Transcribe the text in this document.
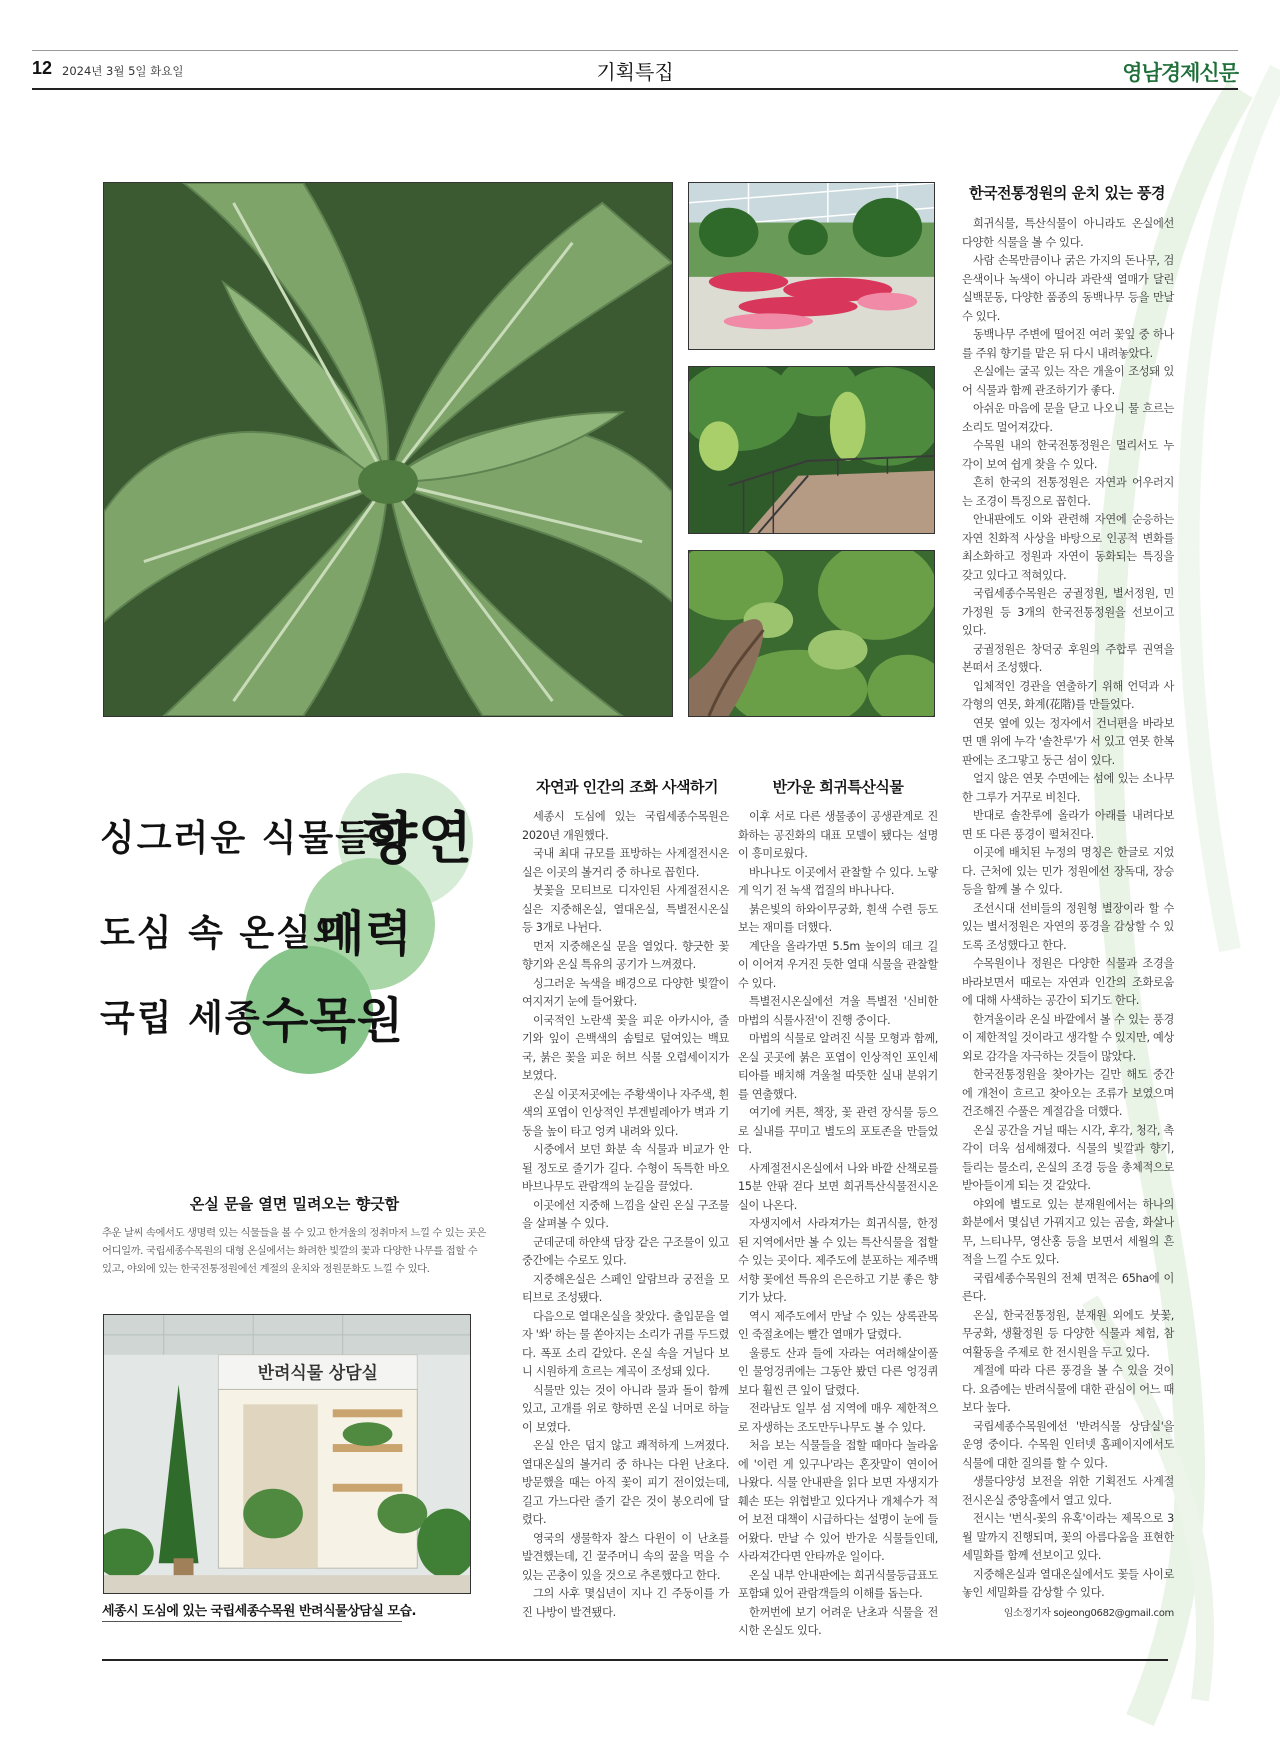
12 2024년 3월 5일 화요일	기획특집	영남경제신문
싱그러운 식물들의
향연
도심 속 온실의
매력
국립 세종 수목원
온실 문을 열면 밀려오는 향긋함
추운 날씨 속에서도 생명력 있는 식물들을 볼 수 있고 한겨울의 정취마저 느낄 수 있는 곳은 어디일까. 국립세종수목원의 대형 온실에서는 화려한 빛깔의 꽃과 다양한 나무를 접할 수 있고, 야외에 있는 한국전통정원에선 계절의 운치와 정원문화도 느낄 수 있다.
반려식물 상담실
세종시 도심에 있는 국립세종수목원 반려식물상담실 모습.
자연과 인간의 조화 사색하기

세종시 도심에 있는 국립세종수목원은 2020년 개원했다.

국내 최대 규모를 표방하는 사계절전시온실은 이곳의 볼거리 중 하나로 꼽힌다.

붓꽃을 모티브로 디자인된 사계절전시온실은 지중해온실, 열대온실, 특별전시온실 등 3개로 나뉜다.

먼저 지중해온실 문을 열었다. 향긋한 꽃향기와 온실 특유의 공기가 느껴졌다.

싱그러운 녹색을 배경으로 다양한 빛깔이 여지저기 눈에 들어왔다.

이국적인 노란색 꽃을 피운 아카시아, 줄기와 잎이 은백색의 솜털로 덮여있는 백묘국, 붉은 꽃을 피운 허브 식물 오렴세이지가 보였다.

온실 이곳저곳에는 주황색이나 자주색, 흰색의 포엽이 인상적인 부겐빌레아가 벽과 기둥을 높이 타고 엉켜 내려와 있다.

시중에서 보던 화분 속 식물과 비교가 안 될 정도로 줄기가 길다. 수형이 독특한 바오바브나무도 관람객의 눈길을 끌었다.

이곳에선 지중해 느낌을 살린 온실 구조물을 살펴볼 수 있다.

군데군데 하얀색 담장 같은 구조물이 있고 중간에는 수로도 있다.

지중해온실은 스페인 알람브라 궁전을 모티브로 조성됐다.

다음으로 열대온실을 찾았다. 출입문을 열자 '쏴' 하는 물 쏟아지는 소리가 귀를 두드렸다. 폭포 소리 같았다. 온실 속을 거닐다 보니 시원하게 흐르는 계곡이 조성돼 있다.

식물만 있는 것이 아니라 물과 돌이 함께 있고, 고개를 위로 향하면 온실 너머로 하늘이 보였다.

온실 안은 덥지 않고 쾌적하게 느껴졌다. 열대온실의 볼거리 중 하나는 다윈 난초다. 방문했을 때는 아직 꽃이 피기 전이었는데, 길고 가느다란 줄기 같은 것이 봉오리에 달렸다.

영국의 생물학자 찰스 다윈이 이 난초를 발견했는데, 긴 꿀주머니 속의 꿀을 먹을 수 있는 곤충이 있을 것으로 추론했다고 한다.

그의 사후 몇십년이 지나 긴 주둥이를 가진 나방이 발견됐다.

반가운 희귀특산식물

이후 서로 다른 생물종이 공생관계로 진화하는 공진화의 대표 모델이 됐다는 설명이 흥미로웠다.

바나나도 이곳에서 관찰할 수 있다. 노랗게 익기 전 녹색 껍질의 바나나다.

붉은빛의 하와이무궁화, 흰색 수련 등도 보는 재미를 더했다.

계단을 올라가면 5.5m 높이의 데크 길이 이어져 우거진 듯한 열대 식물을 관찰할 수 있다.

특별전시온실에선 겨울 특별전 '신비한 마법의 식물사전'이 진행 중이다.

마법의 식물로 알려진 식물 모형과 함께, 온실 곳곳에 붉은 포엽이 인상적인 포인세티아를 배치해 겨울철 따뜻한 실내 분위기를 연출했다.

여기에 커튼, 책장, 꽃 관련 장식물 등으로 실내를 꾸미고 별도의 포토존을 만들었다.

사계절전시온실에서 나와 바깥 산책로를 15분 안팎 걷다 보면 희귀특산식물전시온실이 나온다.

자생지에서 사라져가는 희귀식물, 한정된 지역에서만 볼 수 있는 특산식물을 접할 수 있는 곳이다. 제주도에 분포하는 제주백서향 꽃에선 특유의 은은하고 기분 좋은 향기가 났다.

역시 제주도에서 만날 수 있는 상록관목인 죽절초에는 빨간 열매가 달렸다.

울릉도 산과 들에 자라는 여러해살이풀인 물엉겅퀴에는 그동안 봤던 다른 엉겅퀴보다 훨씬 큰 잎이 달렸다.

전라남도 일부 섬 지역에 매우 제한적으로 자생하는 조도만두나무도 볼 수 있다.

처음 보는 식물들을 접할 때마다 놀라움에 '이런 게 있구나'라는 혼잣말이 연이어 나왔다. 식물 안내판을 읽다 보면 자생지가 훼손 또는 위협받고 있다거나 개체수가 적어 보전 대책이 시급하다는 설명이 눈에 들어왔다. 만날 수 있어 반가운 식물들인데, 사라져간다면 안타까운 일이다.

온실 내부 안내판에는 희귀식물등급표도 포함돼 있어 관람객들의 이해를 돕는다.

한꺼번에 보기 어려운 난초과 식물을 전시한 온실도 있다.

한국전통정원의 운치 있는 풍경

희귀식물, 특산식물이 아니라도 온실에선 다양한 식물을 볼 수 있다.

사람 손목만큼이나 굵은 가지의 돈나무, 검은색이나 녹색이 아니라 과란색 열매가 달린 실백문동, 다양한 품종의 동백나무 등을 만날 수 있다.

동백나무 주변에 떨어진 여러 꽃잎 중 하나를 주워 향기를 맡은 뒤 다시 내려놓았다.

온실에는 굴곡 있는 작은 개울이 조성돼 있어 식물과 함께 관조하기가 좋다.

아쉬운 마음에 문을 닫고 나오니 물 흐르는 소리도 멀어져갔다.

수목원 내의 한국전통정원은 멀리서도 누각이 보여 쉽게 찾을 수 있다.

흔히 한국의 전통정원은 자연과 어우러지는 조경이 특징으로 꼽힌다.

안내판에도 이와 관련해 자연에 순응하는 자연 친화적 사상을 바탕으로 인공적 변화를 최소화하고 정원과 자연이 동화되는 특징을 갖고 있다고 적혀있다.

국립세종수목원은 궁궐정원, 별서정원, 민가정원 등 3개의 한국전통정원을 선보이고 있다.

궁궐정원은 창덕궁 후원의 주합루 권역을 본떠서 조성했다.

입체적인 경관을 연출하기 위해 언덕과 사각형의 연못, 화계(花階)를 만들었다.

연못 옆에 있는 정자에서 건너편을 바라보면 맨 위에 누각 '솔찬루'가 서 있고 연못 한복판에는 조그맣고 둥근 섬이 있다.

얼지 않은 연못 수면에는 섬에 있는 소나무 한 그루가 거꾸로 비친다.

반대로 솔찬루에 올라가 아래를 내려다보면 또 다른 풍경이 펼쳐진다.

이곳에 배치된 누정의 명칭은 한글로 지었다. 근처에 있는 민가 정원에선 장독대, 장승 등을 함께 볼 수 있다.

조선시대 선비들의 정원형 별장이라 할 수 있는 별서정원은 자연의 풍경을 감상할 수 있도록 조성했다고 한다.

수목원이나 정원은 다양한 식물과 조경을 바라보면서 때로는 자연과 인간의 조화로움에 대해 사색하는 공간이 되기도 한다.

한겨울이라 온실 바깥에서 볼 수 있는 풍경이 제한적일 것이라고 생각할 수 있지만, 예상외로 감각을 자극하는 것들이 많았다.

한국전통정원을 찾아가는 길만 해도 중간에 개천이 흐르고 찾아오는 조류가 보였으며 건조해진 수풀은 계절감을 더했다.

온실 공간을 거닐 때는 시각, 후각, 청각, 촉각이 더욱 섬세해졌다. 식물의 빛깔과 향기, 들리는 물소리, 온실의 조경 등을 총체적으로 받아들이게 되는 것 같았다.

야외에 별도로 있는 분재원에서는 하나의 화분에서 몇십년 가꿔지고 있는 곰솔, 화살나무, 느티나무, 영산홍 등을 보면서 세월의 흔적을 느낄 수도 있다.

국립세종수목원의 전체 면적은 65ha에 이른다.

온실, 한국전통정원, 분재원 외에도 붓꽃, 무궁화, 생활정원 등 다양한 식물과 체험, 참여활동을 주제로 한 전시원을 두고 있다.

계절에 따라 다른 풍경을 볼 수 있을 것이다. 요즘에는 반려식물에 대한 관심이 어느 때보다 높다.

국립세종수목원에선 '반려식물 상담실'을 운영 중이다. 수목원 인터넷 홈페이지에서도 식물에 대한 질의를 할 수 있다.

생물다양성 보전을 위한 기획전도 사계절전시온실 중앙홀에서 열고 있다.

전시는 '번식-꽃의 유혹'이라는 제목으로 3월 말까지 진행되며, 꽃의 아름다움을 표현한 세밀화를 함께 선보이고 있다.

지중해온실과 열대온실에서도 꽃들 사이로 놓인 세밀화를 감상할 수 있다.

임소정기자 sojeong0682@gmail.com
